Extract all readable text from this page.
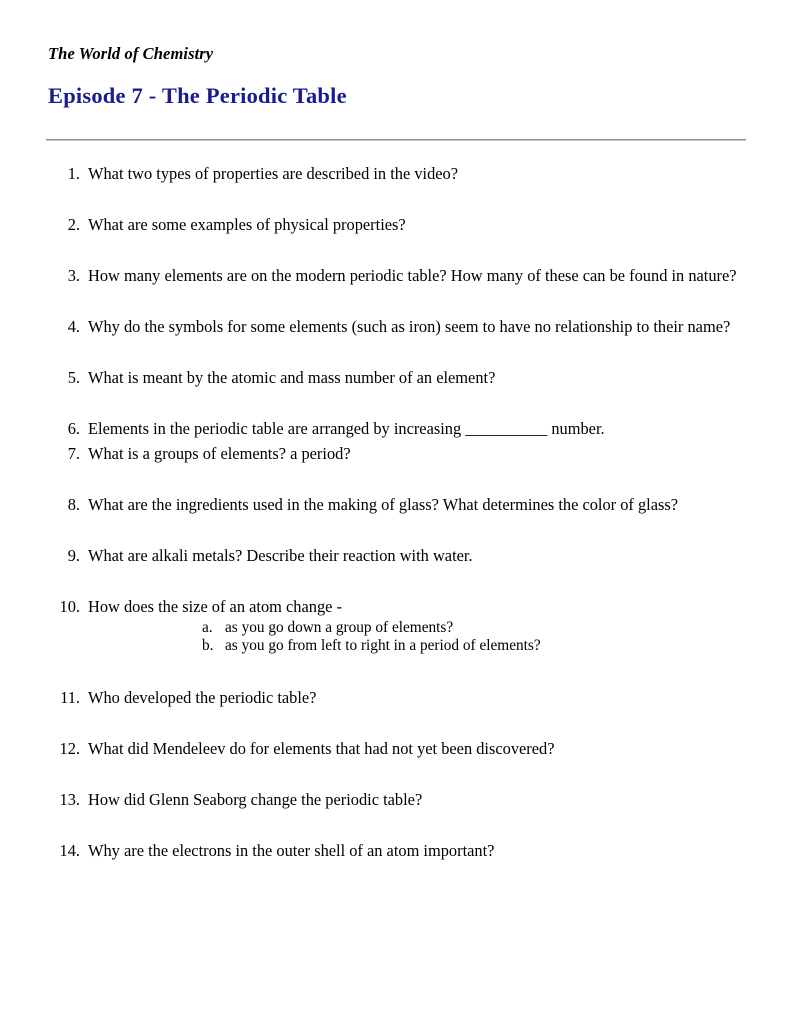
The World of Chemistry
Episode 7 - The Periodic Table
1. What two types of properties are described in the video?
2. What are some examples of physical properties?
3. How many elements are on the modern periodic table? How many of these can be found in nature?
4. Why do the symbols for some elements (such as iron) seem to have no relationship to their name?
5. What is meant by the atomic and mass number of an element?
6. Elements in the periodic table are arranged by increasing __________ number.
7. What is a groups of elements? a period?
8. What are the ingredients used in the making of glass? What determines the color of glass?
9. What are alkali metals? Describe their reaction with water.
10. How does the size of an atom change -
a. as you go down a group of elements?
b. as you go from left to right in a period of elements?
11. Who developed the periodic table?
12. What did Mendeleev do for elements that had not yet been discovered?
13. How did Glenn Seaborg change the periodic table?
14. Why are the electrons in the outer shell of an atom important?
